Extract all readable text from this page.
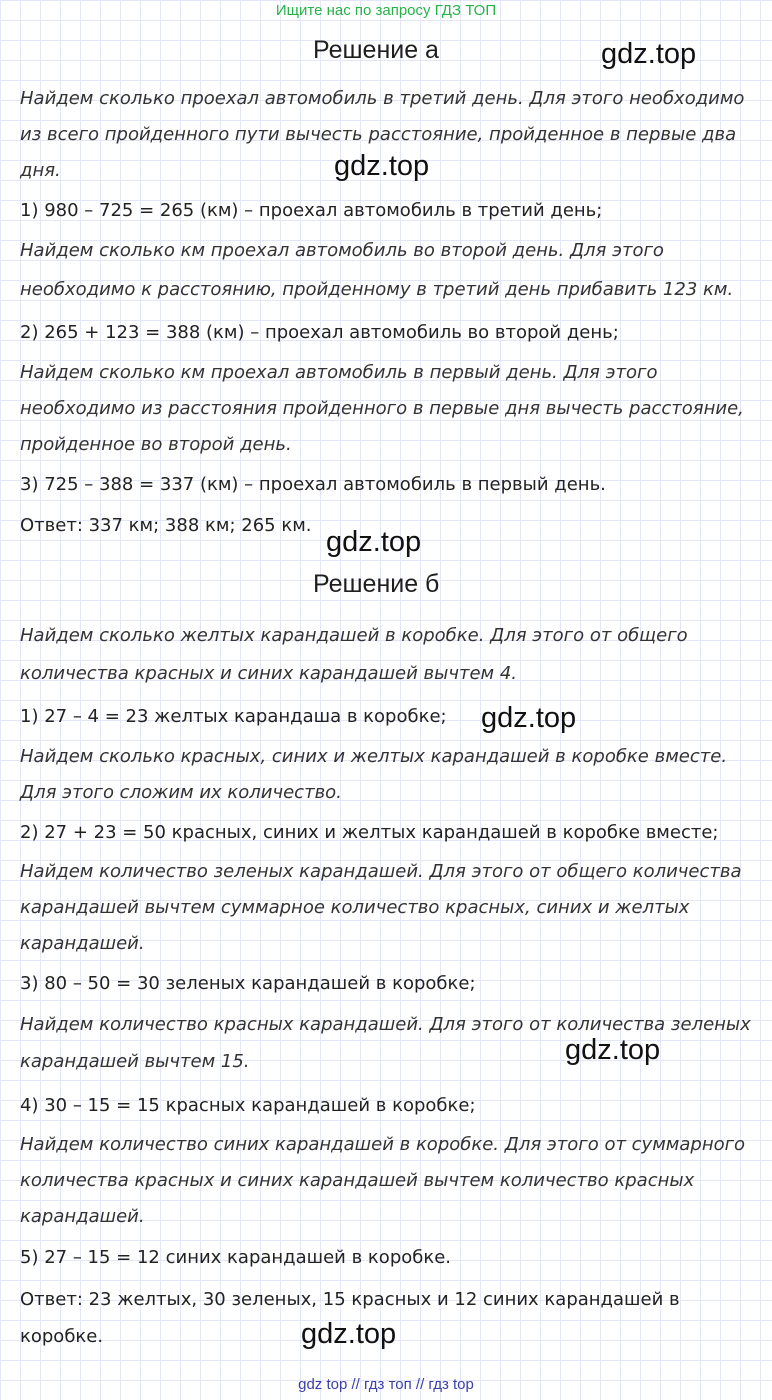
Ищите нас по запросу ГДЗ ТОП
Решение а	gdz.top
Найдем сколько проехал автомобиль в третий день. Для этого необходимо
из всего пройденного пути вычесть расстояние, пройденное в первые два
дня.	gdz.top
1) 980 – 725 = 265 (км) – проехал автомобиль в третий день;
Найдем сколько км проехал автомобиль во второй день. Для этого
необходимо к расстоянию, пройденному в третий день прибавить 123 км.
2) 265 + 123 = 388 (км) – проехал автомобиль во второй день;
Найдем сколько км проехал автомобиль в первый день. Для этого
необходимо из расстояния пройденного в первые дня вычесть расстояние,
пройденное во второй день.
3) 725 – 388 = 337 (км) – проехал автомобиль в первый день.
Ответ: 337 км; 388 км; 265 км.
gdz.top
Решение б
Найдем сколько желтых карандашей в коробке. Для этого от общего
количества красных и синих карандашей вычтем 4.
1) 27 – 4 = 23 желтых карандаша в коробке; gdz.top
Найдем сколько красных, синих и желтых карандашей в коробке вместе.
Для этого сложим их количество.
2) 27 + 23 = 50 красных, синих и желтых карандашей в коробке вместе;
Найдем количество зеленых карандашей. Для этого от общего количества
карандашей вычтем суммарное количество красных, синих и желтых
карандашей.
3) 80 – 50 = 30 зеленых карандашей в коробке;
Найдем количество красных карандашей. Для этого от количества зеленых
карандашей вычтем 15.	gdz.top
4) 30 – 15 = 15 красных карандашей в коробке;
Найдем количество синих карандашей в коробке. Для этого от суммарного
количества красных и синих карандашей вычтем количество красных
карандашей.
5) 27 – 15 = 12 синих карандашей в коробке.
Ответ: 23 желтых, 30 зеленых, 15 красных и 12 синих карандашей в
коробке.	gdz.top
gdz top // гдз топ // гдз top
